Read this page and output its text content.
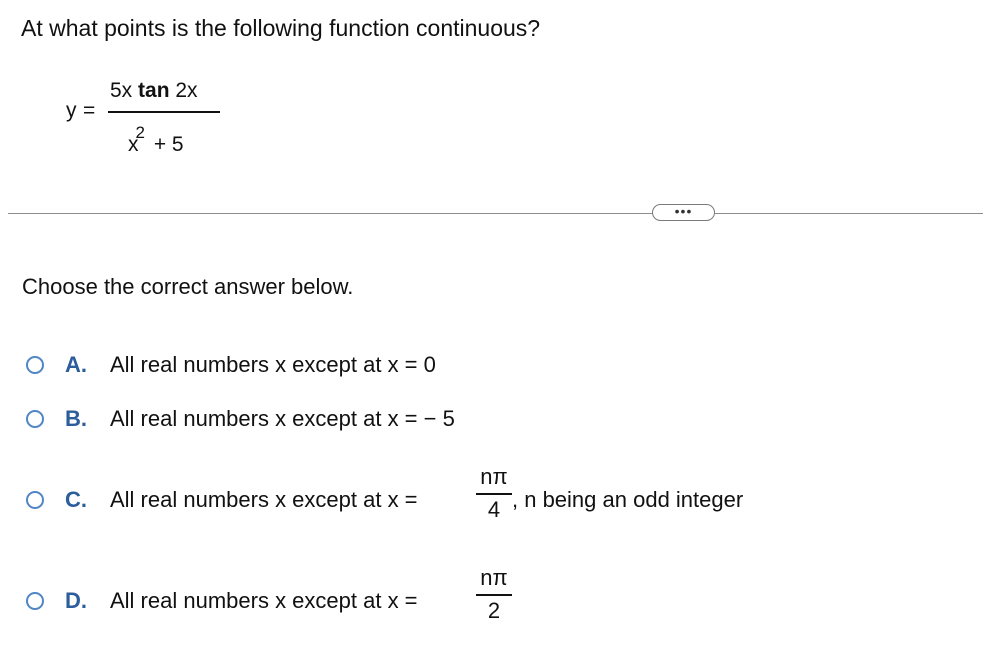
At what points is the following function continuous?
y =
5x tan 2x
$x^2 + 5$
•••
Choose the correct answer below.
A. All real numbers x except at x = 0
B. All real numbers x except at x = − 5
C. All real numbers x except at x =
nπ
4 , n being an odd integer
D. All real numbers x except at x =
nπ
2
